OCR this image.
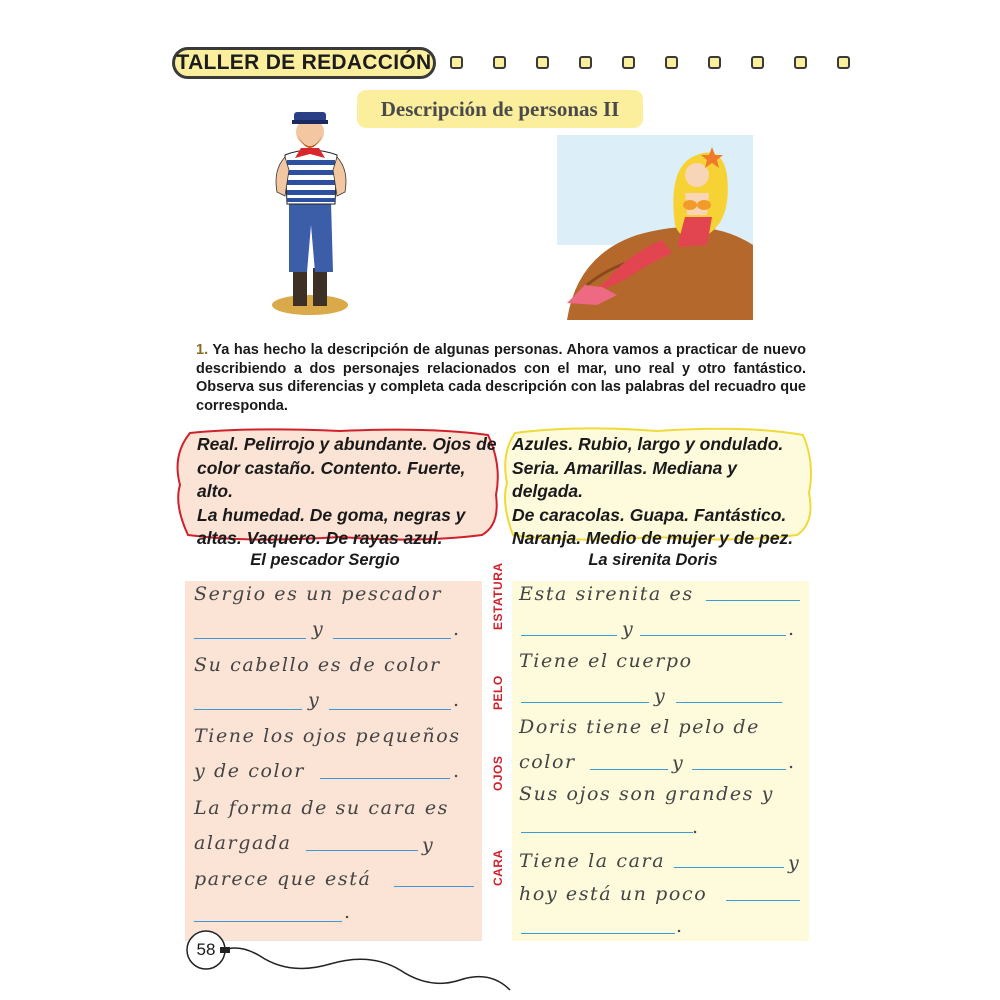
TALLER DE REDACCIÓN
Descripción de personas II
1. Ya has hecho la descripción de algunas personas. Ahora vamos a practicar de nuevo describiendo a dos personajes relacionados con el mar, uno real y otro fantástico. Observa sus diferencias y completa cada descripción con las palabras del recuadro que corresponda.
Real. Pelirrojo y abundante. Ojos de
color castaño. Contento. Fuerte, alto.
La humedad. De goma, negras y
altas. Vaquero. De rayas azul.
Azules. Rubio, largo y ondulado.
Seria. Amarillas. Mediana y delgada.
De caracolas. Guapa. Fantástico.
Naranja. Medio de mujer y de pez.
El pescador Sergio	La sirenita Doris
ESTATURA
PELO
OJOS
CARA
Sergio es un pescador
y	.
Su cabello es de color
y	.
Tiene los ojos pequeños
y de color	.
La forma de su cara es
alargada	y
parece que está
.
Esta sirenita es
y	.
Tiene el cuerpo
y
Doris tiene el pelo de
color	y	.
Sus ojos son grandes y
.
Tiene la cara	y
hoy está un poco
.
58
